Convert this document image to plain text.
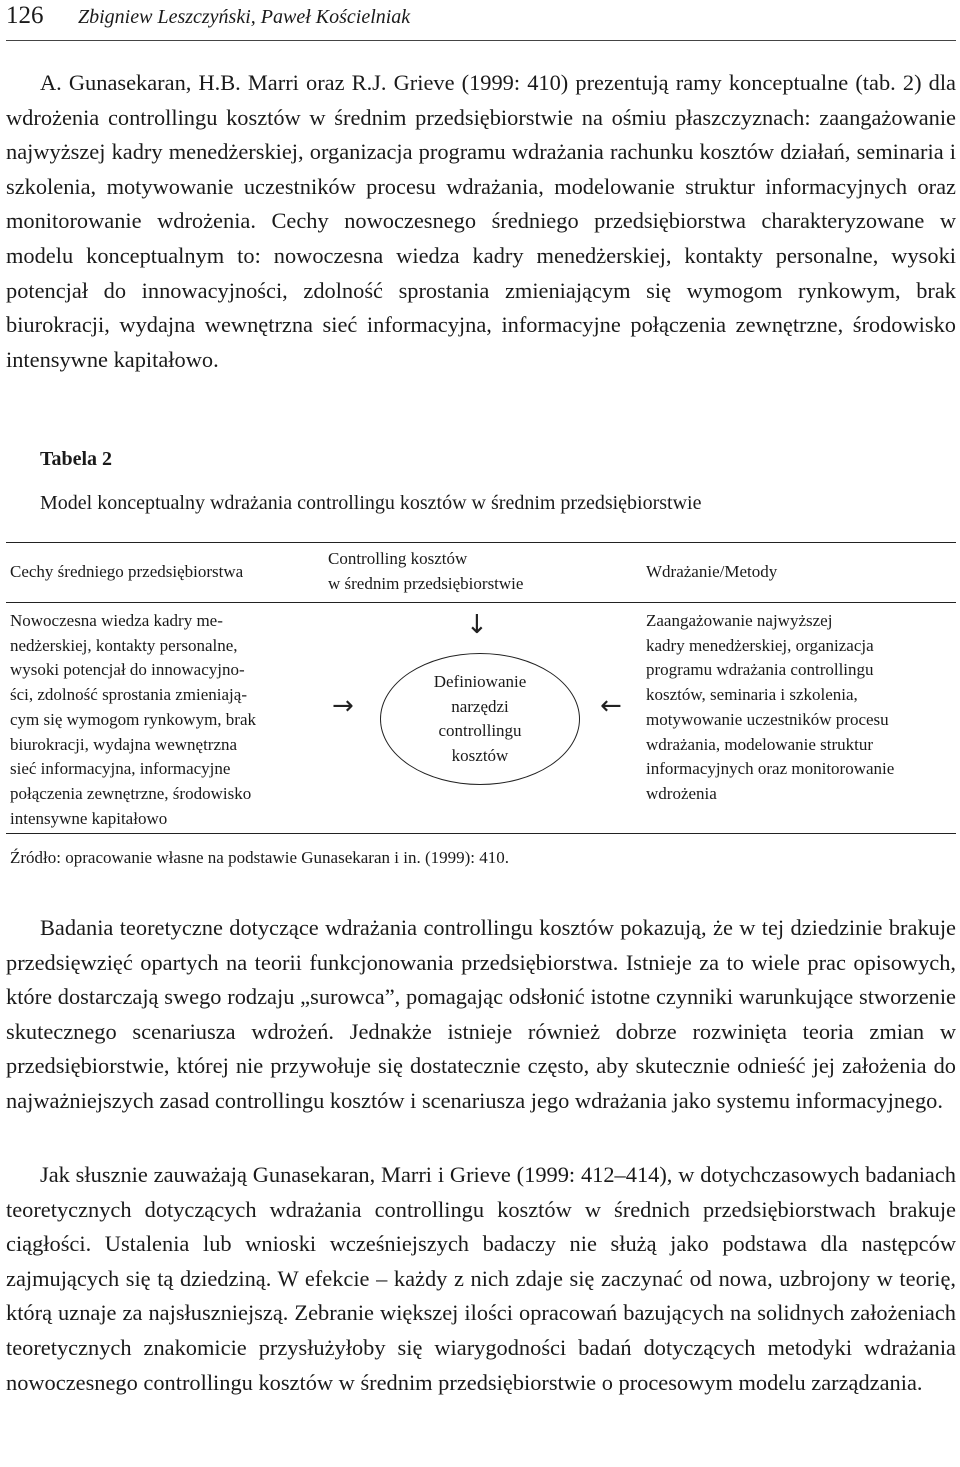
126 Zbigniew Leszczyński, Paweł Kościelniak

A. Gunasekaran, H.B. Marri oraz R.J. Grieve (1999: 410) prezentują ramy konceptualne (tab. 2) dla wdrożenia controllingu kosztów w średnim przedsiębiorstwie na ośmiu płaszczyznach: zaangażowanie najwyższej kadry menedżerskiej, organizacja programu wdrażania rachunku kosztów działań, seminaria i szkolenia, motywowanie uczestników procesu wdrażania, modelowanie struktur informacyjnych oraz monitorowanie wdrożenia. Cechy nowoczesnego średniego przedsiębiorstwa charakteryzowane w modelu konceptualnym to: nowoczesna wiedza kadry menedżerskiej, kontakty personalne, wysoki potencjał do innowacyjności, zdolność sprostania zmieniającym się wymogom rynkowym, brak biurokracji, wydajna wewnętrzna sieć informacyjna, informacyjne połączenia zewnętrzne, środowisko intensywne kapitałowo.

Tabela 2
Model konceptualny wdrażania controllingu kosztów w średnim przedsiębiorstwie
Cechy średniego przedsiębiorstwa
Controlling kosztów
w średnim przedsiębiorstwie
Wdrażanie/Metody
Nowoczesna wiedza kadry me-
nedżerskiej, kontakty personalne,
wysoki potencjał do innowacyjno-
ści, zdolność sprostania zmieniają-
cym się wymogom rynkowym, brak
biurokracji, wydajna wewnętrzna
sieć informacyjna, informacyjne
połączenia zewnętrzne, środowisko
intensywne kapitałowo
↓
→	←
Definiowanie
narzędzi
controllingu
kosztów
Zaangażowanie najwyższej
kadry menedżerskiej, organizacja
programu wdrażania controllingu
kosztów, seminaria i szkolenia,
motywowanie uczestników procesu
wdrażania, modelowanie struktur
informacyjnych oraz monitorowanie
wdrożenia
Źródło: opracowanie własne na podstawie Gunasekaran i in. (1999): 410.

Badania teoretyczne dotyczące wdrażania controllingu kosztów pokazują, że w tej dziedzinie brakuje przedsięwzięć opartych na teorii funkcjonowania przedsiębiorstwa. Istnieje za to wiele prac opisowych, które dostarczają swego rodzaju „surowca”, pomagając odsłonić istotne czynniki warunkujące stworzenie skutecznego scenariusza wdrożeń. Jednakże istnieje również dobrze rozwinięta teoria zmian w przedsiębiorstwie, której nie przywołuje się dostatecznie często, aby skutecznie odnieść jej założenia do najważniejszych zasad controllingu kosztów i scenariusza jego wdrażania jako systemu informacyjnego.

Jak słusznie zauważają Gunasekaran, Marri i Grieve (1999: 412–414), w dotychczasowych badaniach teoretycznych dotyczących wdrażania controllingu kosztów w średnich przedsiębiorstwach brakuje ciągłości. Ustalenia lub wnioski wcześniejszych badaczy nie służą jako podstawa dla następców zajmujących się tą dziedziną. W efekcie – każdy z nich zdaje się zaczynać od nowa, uzbrojony w teorię, którą uznaje za najsłuszniejszą. Zebranie większej ilości opracowań bazujących na solidnych założeniach teoretycznych znakomicie przysłużyłoby się wiarygodności badań dotyczących metodyki wdrażania nowoczesnego controllingu kosztów w średnim przedsiębiorstwie o procesowym modelu zarządzania.
